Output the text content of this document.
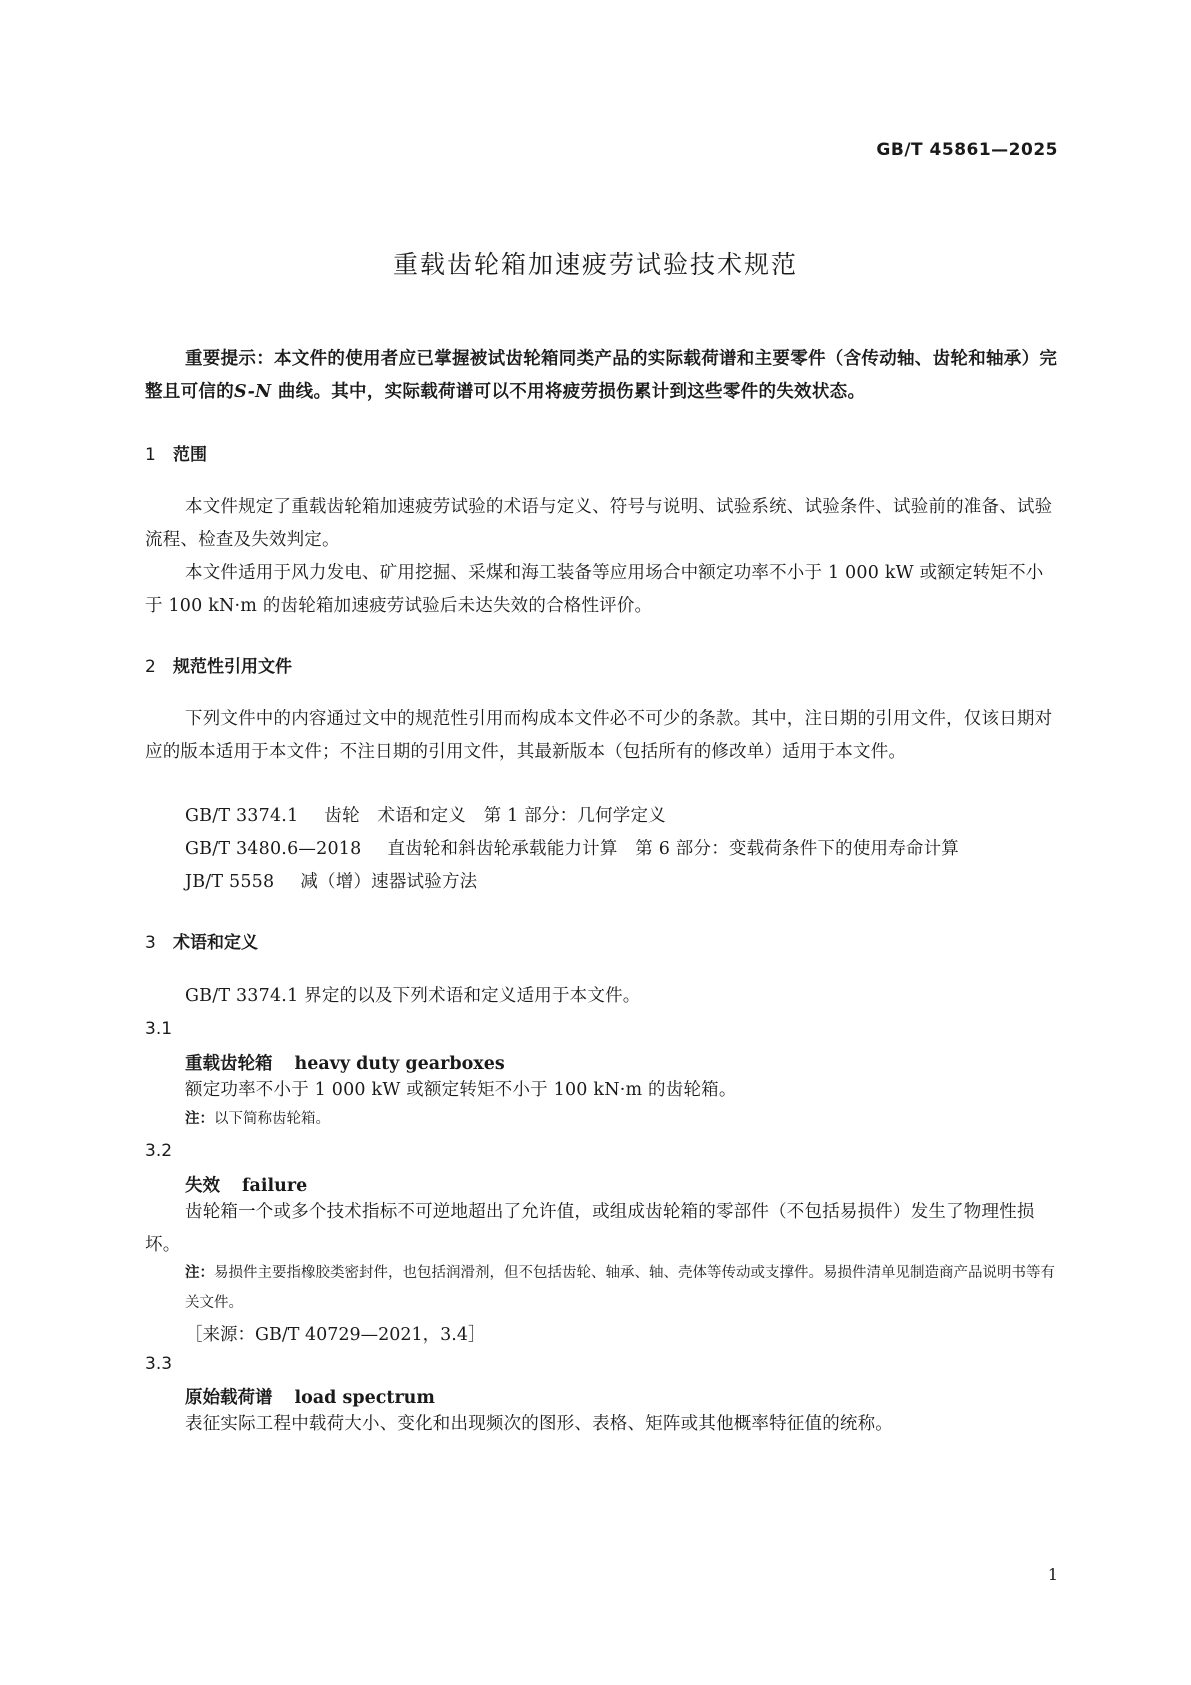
GB/T 45861—2025
重载齿轮箱加速疲劳试验技术规范
重要提示：本文件的使用者应已掌握被试齿轮箱同类产品的实际载荷谱和主要零件（含传动轴、齿轮和轴承）完整且可信的S-N 曲线。其中，实际载荷谱可以不用将疲劳损伤累计到这些零件的失效状态。
1 范围
本文件规定了重载齿轮箱加速疲劳试验的术语与定义、符号与说明、试验系统、试验条件、试验前的准备、试验流程、检查及失效判定。
本文件适用于风力发电、矿用挖掘、采煤和海工装备等应用场合中额定功率不小于 1 000 kW 或额定转矩不小于 100 kN·m 的齿轮箱加速疲劳试验后未达失效的合格性评价。
2 规范性引用文件
下列文件中的内容通过文中的规范性引用而构成本文件必不可少的条款。其中，注日期的引用文件，仅该日期对应的版本适用于本文件；不注日期的引用文件，其最新版本（包括所有的修改单）适用于本文件。
GB/T 3374.1 齿轮　术语和定义　第 1 部分：几何学定义
GB/T 3480.6—2018 直齿轮和斜齿轮承载能力计算　第 6 部分：变载荷条件下的使用寿命计算
JB/T 5558 减（增）速器试验方法
3 术语和定义
GB/T 3374.1 界定的以及下列术语和定义适用于本文件。
3.1
重载齿轮箱 heavy duty gearboxes
额定功率不小于 1 000 kW 或额定转矩不小于 100 kN·m 的齿轮箱。
注：以下简称齿轮箱。
3.2
失效 failure
齿轮箱一个或多个技术指标不可逆地超出了允许值，或组成齿轮箱的零部件（不包括易损件）发生了物理性损坏。
注：易损件主要指橡胶类密封件，也包括润滑剂，但不包括齿轮、轴承、轴、壳体等传动或支撑件。易损件清单见制造商产品说明书等有关文件。
［来源：GB/T 40729—2021，3.4］
3.3
原始载荷谱 load spectrum
表征实际工程中载荷大小、变化和出现频次的图形、表格、矩阵或其他概率特征值的统称。
1
